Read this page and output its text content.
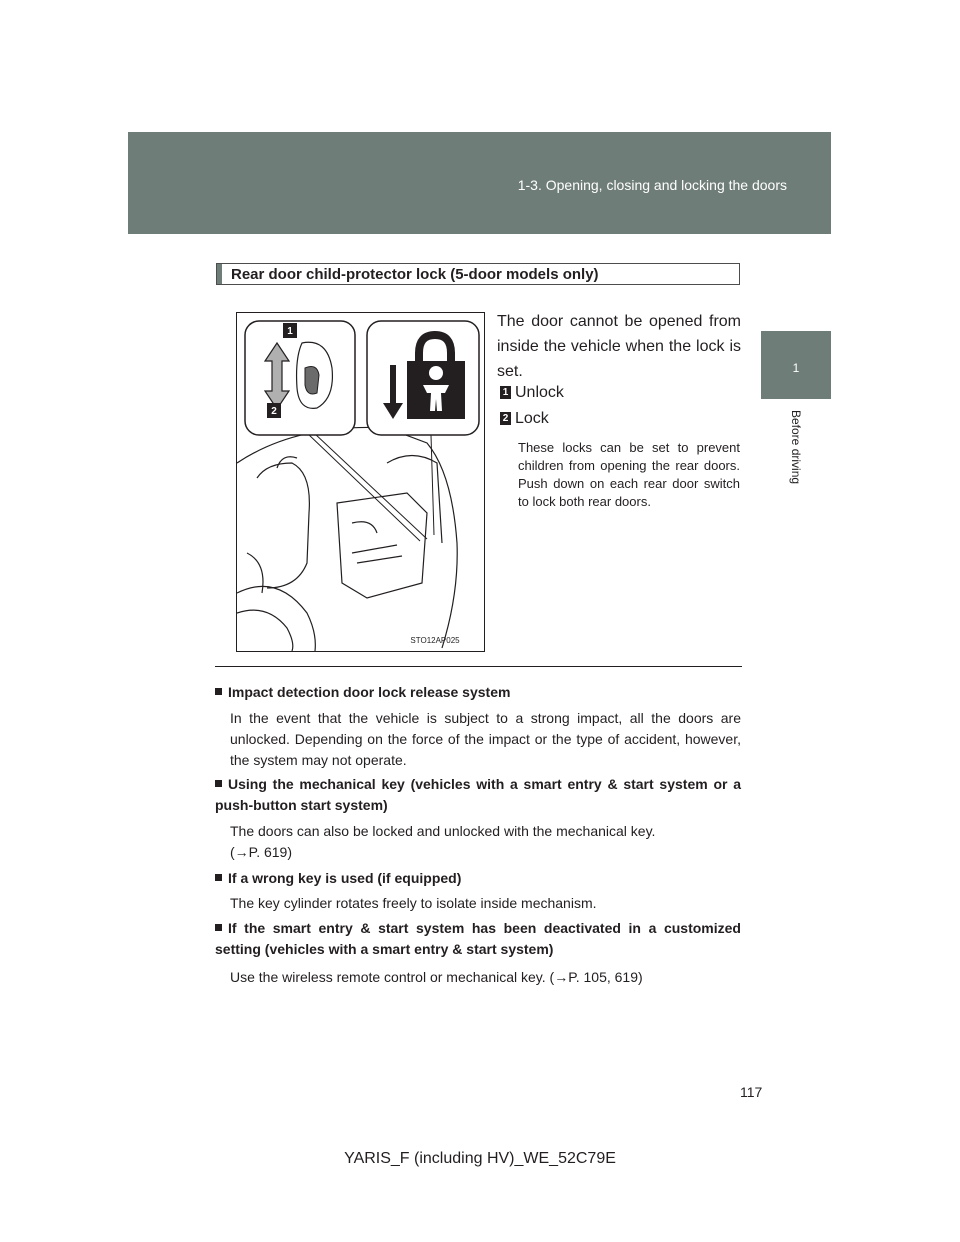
1-3. Opening, closing and locking the doors
1
Before driving
Rear door child-protector lock (5-door models only)
1
2
STO12AP025
The door cannot be opened from inside the vehicle when the lock is set.
1 Unlock
2 Lock
These locks can be set to prevent children from opening the rear doors. Push down on each rear door switch to lock both rear doors.
Impact detection door lock release system
In the event that the vehicle is subject to a strong impact, all the doors are unlocked. Depending on the force of the impact or the type of accident, however, the system may not operate.
Using the mechanical key (vehicles with a smart entry & start system or a push-button start system)
The doors can also be locked and unlocked with the mechanical key.
(→P. 619)
If a wrong key is used (if equipped)
The key cylinder rotates freely to isolate inside mechanism.
If the smart entry & start system has been deactivated in a customized setting (vehicles with a smart entry & start system)
Use the wireless remote control or mechanical key. (→P. 105, 619)
117
YARIS_F (including HV)_WE_52C79E
